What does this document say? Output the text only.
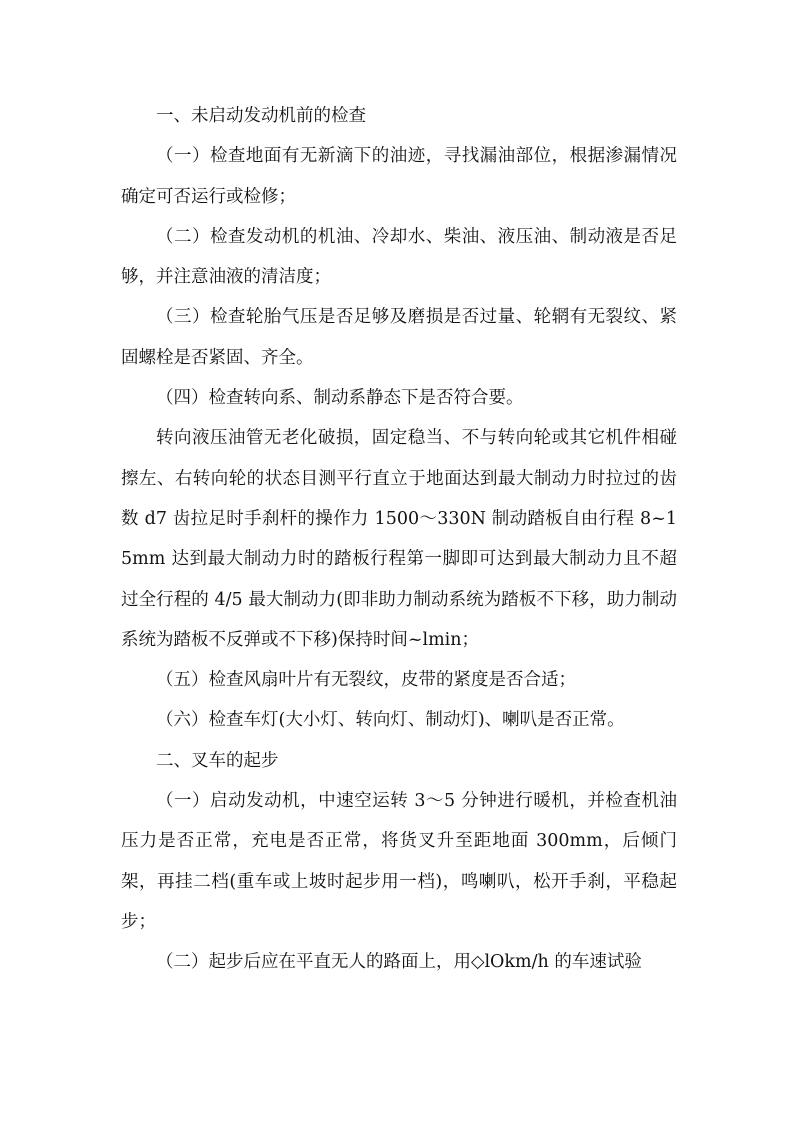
一、未启动发动机前的检查

（一）检查地面有无新滴下的油迹，寻找漏油部位，根据渗漏情况确定可否运行或检修；

（二）检查发动机的机油、冷却水、柴油、液压油、制动液是否足够，并注意油液的清洁度；

（三）检查轮胎气压是否足够及磨损是否过量、轮辋有无裂纹、紧固螺栓是否紧固、齐全。

（四）检查转向系、制动系静态下是否符合要。

转向液压油管无老化破损，固定稳当、不与转向轮或其它机件相碰擦左、右转向轮的状态目测平行直立于地面达到最大制动力时拉过的齿数 d7 齿拉足时手刹杆的操作力 1500～330N 制动踏板自由行程 8~15mm 达到最大制动力时的踏板行程第一脚即可达到最大制动力且不超过全行程的 4/5 最大制动力(即非助力制动系统为踏板不下移，助力制动系统为踏板不反弹或不下移)保持时间~lmin；

（五）检查风扇叶片有无裂纹，皮带的紧度是否合适；

（六）检查车灯(大小灯、转向灯、制动灯)、喇叭是否正常。

二、叉车的起步

（一）启动发动机，中速空运转 3～5 分钟进行暖机，并检查机油压力是否正常，充电是否正常，将货叉升至距地面 300mm，后倾门架，再挂二档(重车或上坡时起步用一档)，鸣喇叭，松开手刹，平稳起步；

（二）起步后应在平直无人的路面上，用◇lOkm/h 的车速试验
